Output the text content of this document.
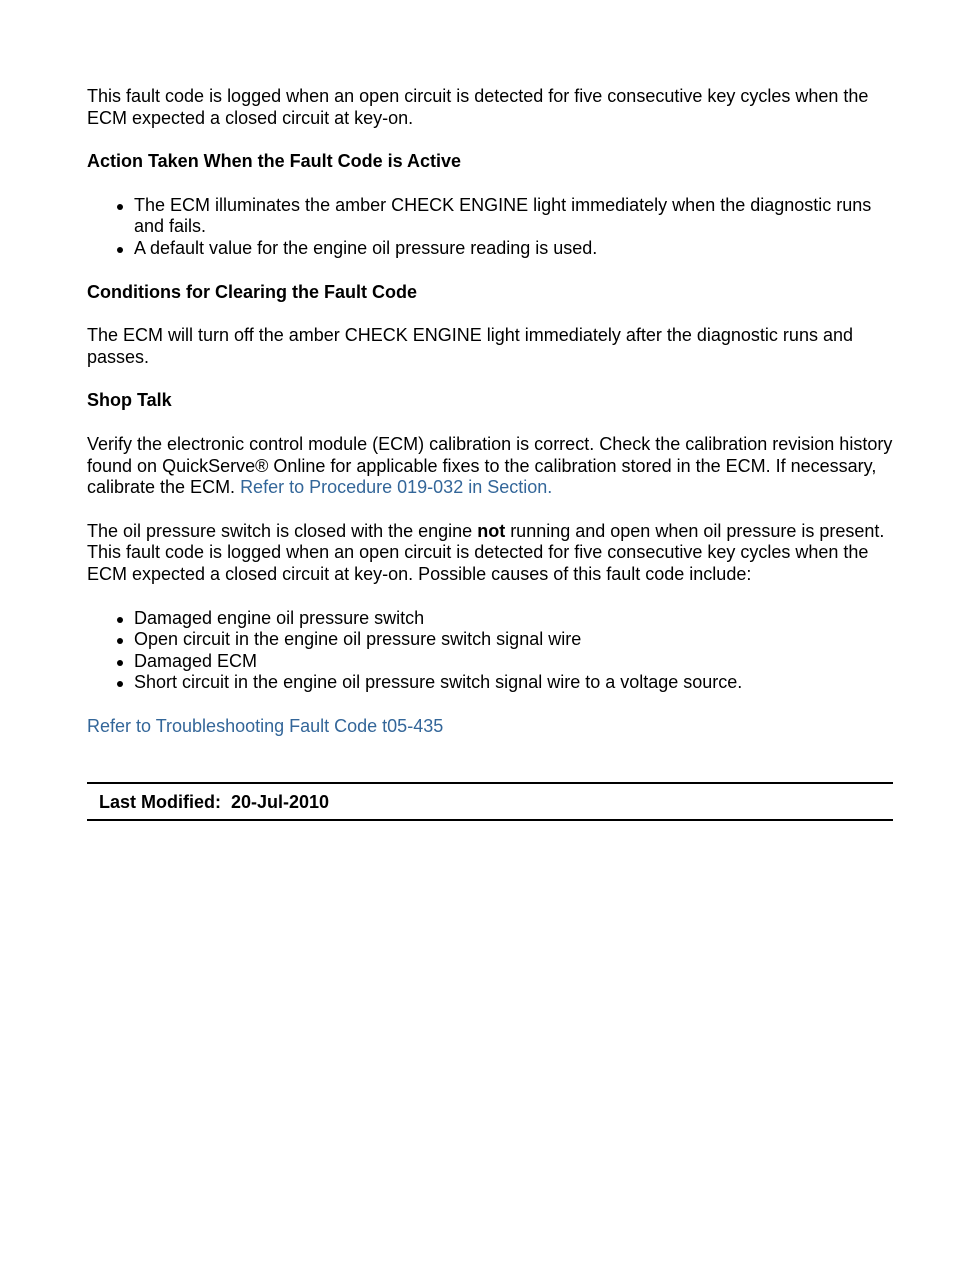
This fault code is logged when an open circuit is detected for five consecutive key cycles when the ECM expected a closed circuit at key-on.

Action Taken When the Fault Code is Active

The ECM illuminates the amber CHECK ENGINE light immediately when the diagnostic runs and fails.
A default value for the engine oil pressure reading is used.

Conditions for Clearing the Fault Code

The ECM will turn off the amber CHECK ENGINE light immediately after the diagnostic runs and passes.

Shop Talk

Verify the electronic control module (ECM) calibration is correct. Check the calibration revision history found on QuickServe® Online for applicable fixes to the calibration stored in the ECM. If necessary, calibrate the ECM. Refer to Procedure 019-032 in Section.

The oil pressure switch is closed with the engine not running and open when oil pressure is present. This fault code is logged when an open circuit is detected for five consecutive key cycles when the ECM expected a closed circuit at key-on. Possible causes of this fault code include:

Damaged engine oil pressure switch
Open circuit in the engine oil pressure switch signal wire
Damaged ECM
Short circuit in the engine oil pressure switch signal wire to a voltage source.

Refer to Troubleshooting Fault Code t05-435

Last Modified:  20-Jul-2010
